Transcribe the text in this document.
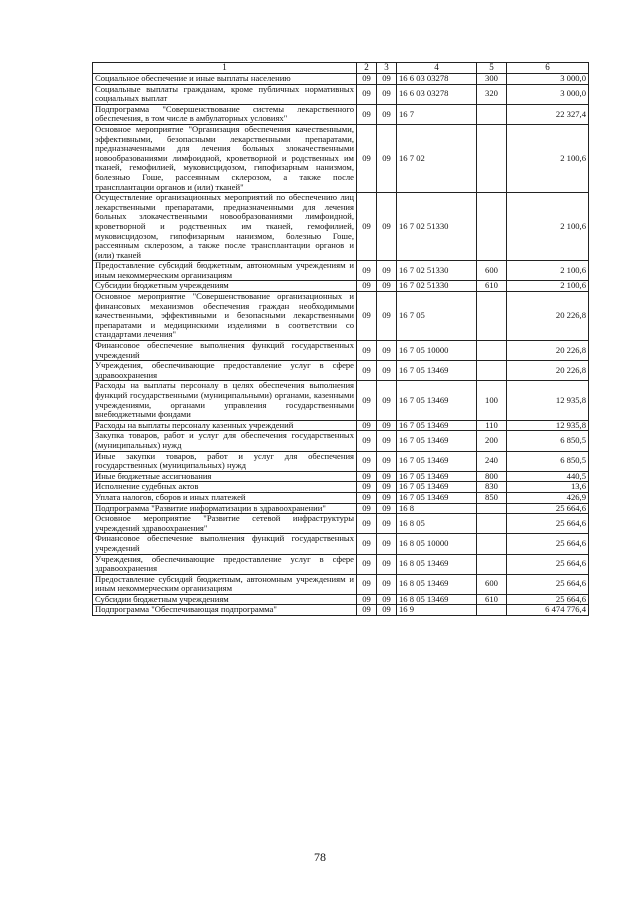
1	2	3	4	5	6
Социальное обеспечение и иные выплаты населению	09	09	16 6 03 03278	300	3 000,0
Социальные выплаты гражданам, кроме публичных нормативных социальных выплат	09	09	16 6 03 03278	320	3 000,0
Подпрограмма "Совершенствование системы лекарственного обеспечения, в том числе в амбулаторных условиях"	09	09	16 7		22 327,4
Основное мероприятие "Организация обеспечения качественными, эффективными, безопасными лекарственными препаратами, предназначенными для лечения больных злокачественными новообразованиями лимфоидной, кроветворной и родственных им тканей, гемофилией, муковисцидозом, гипофизарным нанизмом, болезнью Гоше, рассеянным склерозом, а также после трансплантации органов и (или) тканей"	09	09	16 7 02		2 100,6
Осуществление организационных мероприятий по обеспечению лиц лекарственными препаратами, предназначенными для лечения больных злокачественными новообразованиями лимфоидной, кроветворной и родственных им тканей, гемофилией, муковисцидозом, гипофизарным нанизмом, болезнью Гоше, рассеянным склерозом, а также после трансплантации органов и (или) тканей	09	09	16 7 02 51330		2 100,6
Предоставление субсидий бюджетным, автономным учреждениям и иным некоммерческим организациям	09	09	16 7 02 51330	600	2 100,6
Субсидии бюджетным учреждениям	09	09	16 7 02 51330	610	2 100,6
Основное мероприятие "Совершенствование организационных и финансовых механизмов обеспечения граждан необходимыми качественными, эффективными и безопасными лекарственными препаратами и медицинскими изделиями в соответствии со стандартами лечения"	09	09	16 7 05		20 226,8
Финансовое обеспечение выполнения функций государственных учреждений	09	09	16 7 05 10000		20 226,8
Учреждения, обеспечивающие предоставление услуг в сфере здравоохранения	09	09	16 7 05 13469		20 226,8
Расходы на выплаты персоналу в целях обеспечения выполнения функций государственными (муниципальными) органами, казенными учреждениями, органами управления государственными внебюджетными фондами	09	09	16 7 05 13469	100	12 935,8
Расходы на выплаты персоналу казенных учреждений	09	09	16 7 05 13469	110	12 935,8
Закупка товаров, работ и услуг для обеспечения государственных (муниципальных) нужд	09	09	16 7 05 13469	200	6 850,5
Иные закупки товаров, работ и услуг для обеспечения государственных (муниципальных) нужд	09	09	16 7 05 13469	240	6 850,5
Иные бюджетные ассигнования	09	09	16 7 05 13469	800	440,5
Исполнение судебных актов	09	09	16 7 05 13469	830	13,6
Уплата налогов, сборов и иных платежей	09	09	16 7 05 13469	850	426,9
Подпрограмма "Развитие информатизации в здравоохранении"	09	09	16 8		25 664,6
Основное мероприятие "Развитие сетевой инфраструктуры учреждений здравоохранения"	09	09	16 8 05		25 664,6
Финансовое обеспечение выполнения функций государственных учреждений	09	09	16 8 05 10000		25 664,6
Учреждения, обеспечивающие предоставление услуг в сфере здравоохранения	09	09	16 8 05 13469		25 664,6
Предоставление субсидий бюджетным, автономным учреждениям и иным некоммерческим организациям	09	09	16 8 05 13469	600	25 664,6
Субсидии бюджетным учреждениям	09	09	16 8 05 13469	610	25 664,6
Подпрограмма "Обеспечивающая подпрограмма"	09	09	16 9		6 474 776,4
78
